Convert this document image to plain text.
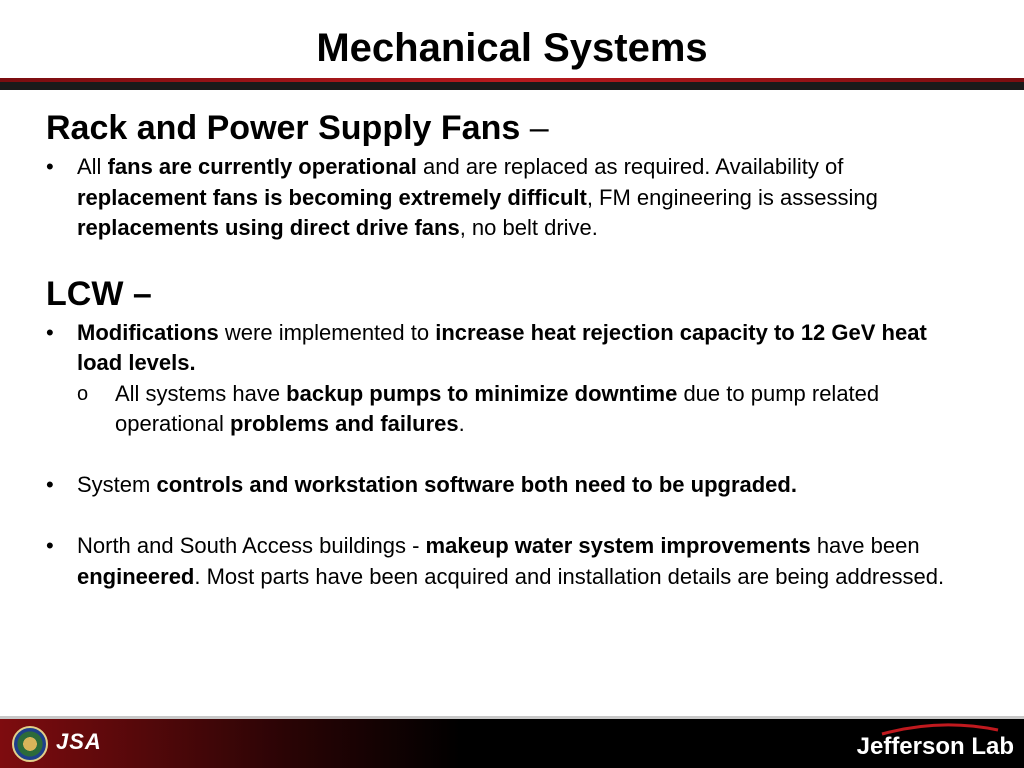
Mechanical Systems
Rack and Power Supply Fans –
• All fans are currently operational and are replaced as required. Availability of replacement fans is becoming extremely difficult, FM engineering is assessing replacements using direct drive fans, no belt drive.
LCW –
• Modifications were implemented to increase heat rejection capacity to 12 GeV heat load levels.
o All systems have backup pumps to minimize downtime due to pump related operational problems and failures.
• System controls and workstation software both need to be upgraded.
• North and South Access buildings - makeup water system improvements have been engineered. Most parts have been acquired and installation details are being addressed.
JSA	Jefferson Lab
